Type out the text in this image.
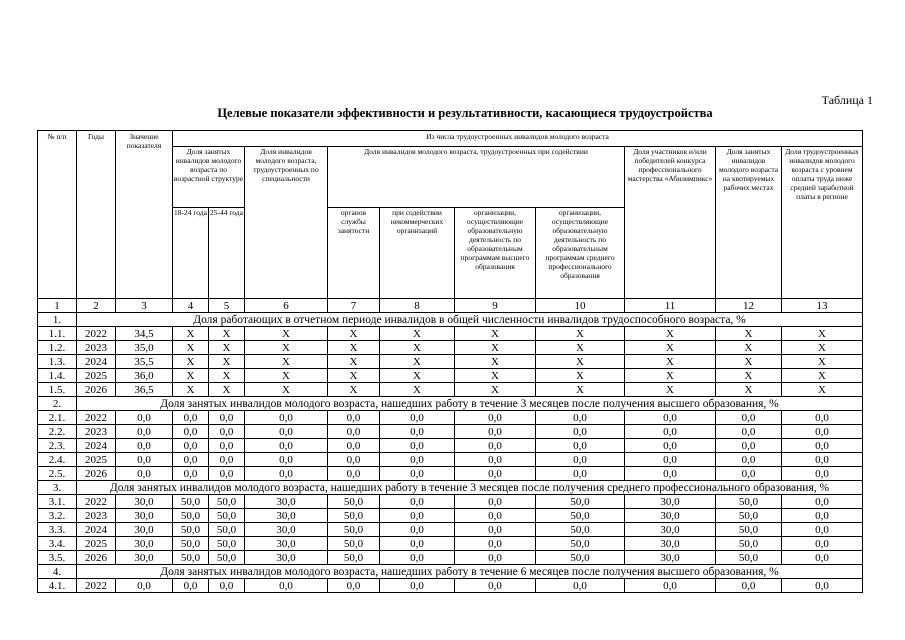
Таблица 1
Целевые показатели эффективности и результативности, касающиеся трудоустройства
№ п/п	Годы	Значение показателя	Из числа трудоустроенных инвалидов молодого возраста									
			Доля занятых инвалидов молодого возраста по возрастной структуре		Доля инвалидов молодого возраста, трудоустроенных по специальности	Доля инвалидов молодого возраста, трудоустроенных при содействии				Доля участников и/или победителей конкурса профессионального мастерства «Абилимпикс»	Доля занятых инвалидов молодого возраста на квотируемых рабочих местах	Доля трудоустроенных инвалидов молодого возраста с уровнем оплаты труда ниже средней заработной платы в регионе
			18-24 года	25-44 года		органов службы занятости	при содействии некоммерческих организаций	организации, осуществляющие образовательную деятельность по образовательным программам высшего образования	организации, осуществляющие образовательную деятельность по образовательным программам среднего профессионального образования			
1	2	3	4	5	6	7	8	9	10	11	12	13
1.	Доля работающих в отчетном периоде инвалидов в общей численности инвалидов трудоспособного возраста, %											
1.1.	2022	34,5	X	X	X	X	X	X	X	X	X	X
1.2.	2023	35,0	X	X	X	X	X	X	X	X	X	X
1.3.	2024	35,5	X	X	X	X	X	X	X	X	X	X
1.4.	2025	36,0	X	X	X	X	X	X	X	X	X	X
1.5.	2026	36,5	X	X	X	X	X	X	X	X	X	X
2.	Доля занятых инвалидов молодого возраста, нашедших работу в течение 3 месяцев после получения высшего образования, %											
2.1.	2022	0,0	0,0	0,0	0,0	0,0	0,0	0,0	0,0	0,0	0,0	0,0
2.2.	2023	0,0	0,0	0,0	0,0	0,0	0,0	0,0	0,0	0,0	0,0	0,0
2.3.	2024	0,0	0,0	0,0	0,0	0,0	0,0	0,0	0,0	0,0	0,0	0,0
2.4.	2025	0,0	0,0	0,0	0,0	0,0	0,0	0,0	0,0	0,0	0,0	0,0
2.5.	2026	0,0	0,0	0,0	0,0	0,0	0,0	0,0	0,0	0,0	0,0	0,0
3.	Доля занятых инвалидов молодого возраста, нашедших работу в течение 3 месяцев после получения среднего профессионального образования, %											
3.1.	2022	30,0	50,0	50,0	30,0	50,0	0,0	0,0	50,0	30,0	50,0	0,0
3.2.	2023	30,0	50,0	50,0	30,0	50,0	0,0	0,0	50,0	30,0	50,0	0,0
3.3.	2024	30,0	50,0	50,0	30,0	50,0	0,0	0,0	50,0	30,0	50,0	0,0
3.4.	2025	30,0	50,0	50,0	30,0	50,0	0,0	0,0	50,0	30,0	50,0	0,0
3.5.	2026	30,0	50,0	50,0	30,0	50,0	0,0	0,0	50,0	30,0	50,0	0,0
4.	Доля занятых инвалидов молодого возраста, нашедших работу в течение 6 месяцев после получения высшего образования, %											
4.1.	2022	0,0	0,0	0,0	0,0	0,0	0,0	0,0	0,0	0,0	0,0	0,0
